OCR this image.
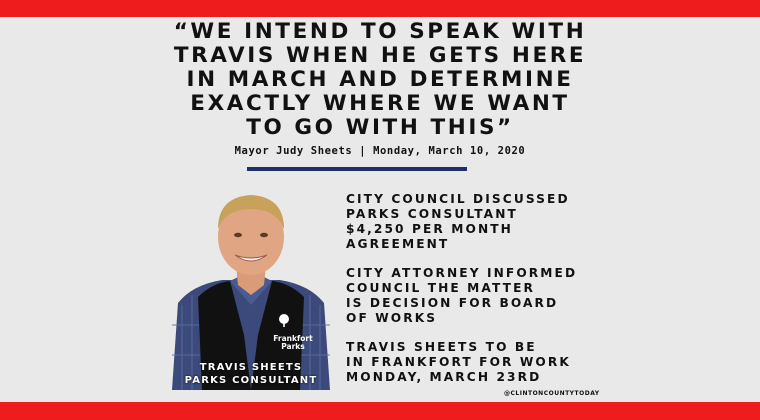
“WE INTEND TO SPEAK WITH
TRAVIS WHEN HE GETS HERE
IN MARCH AND DETERMINE
EXACTLY WHERE WE WANT
TO GO WITH THIS”
Mayor Judy Sheets | Monday, March 10, 2020
Frankfort
Parks
TRAVIS SHEETS
PARKS CONSULTANT
CITY COUNCIL DISCUSSED
PARKS CONSULTANT
$4,250 PER MONTH
AGREEMENT
CITY ATTORNEY INFORMED
COUNCIL THE MATTER
IS DECISION FOR BOARD
OF WORKS
TRAVIS SHEETS TO BE
IN FRANKFORT FOR WORK
MONDAY, MARCH 23RD
@CLINTONCOUNTYTODAY
